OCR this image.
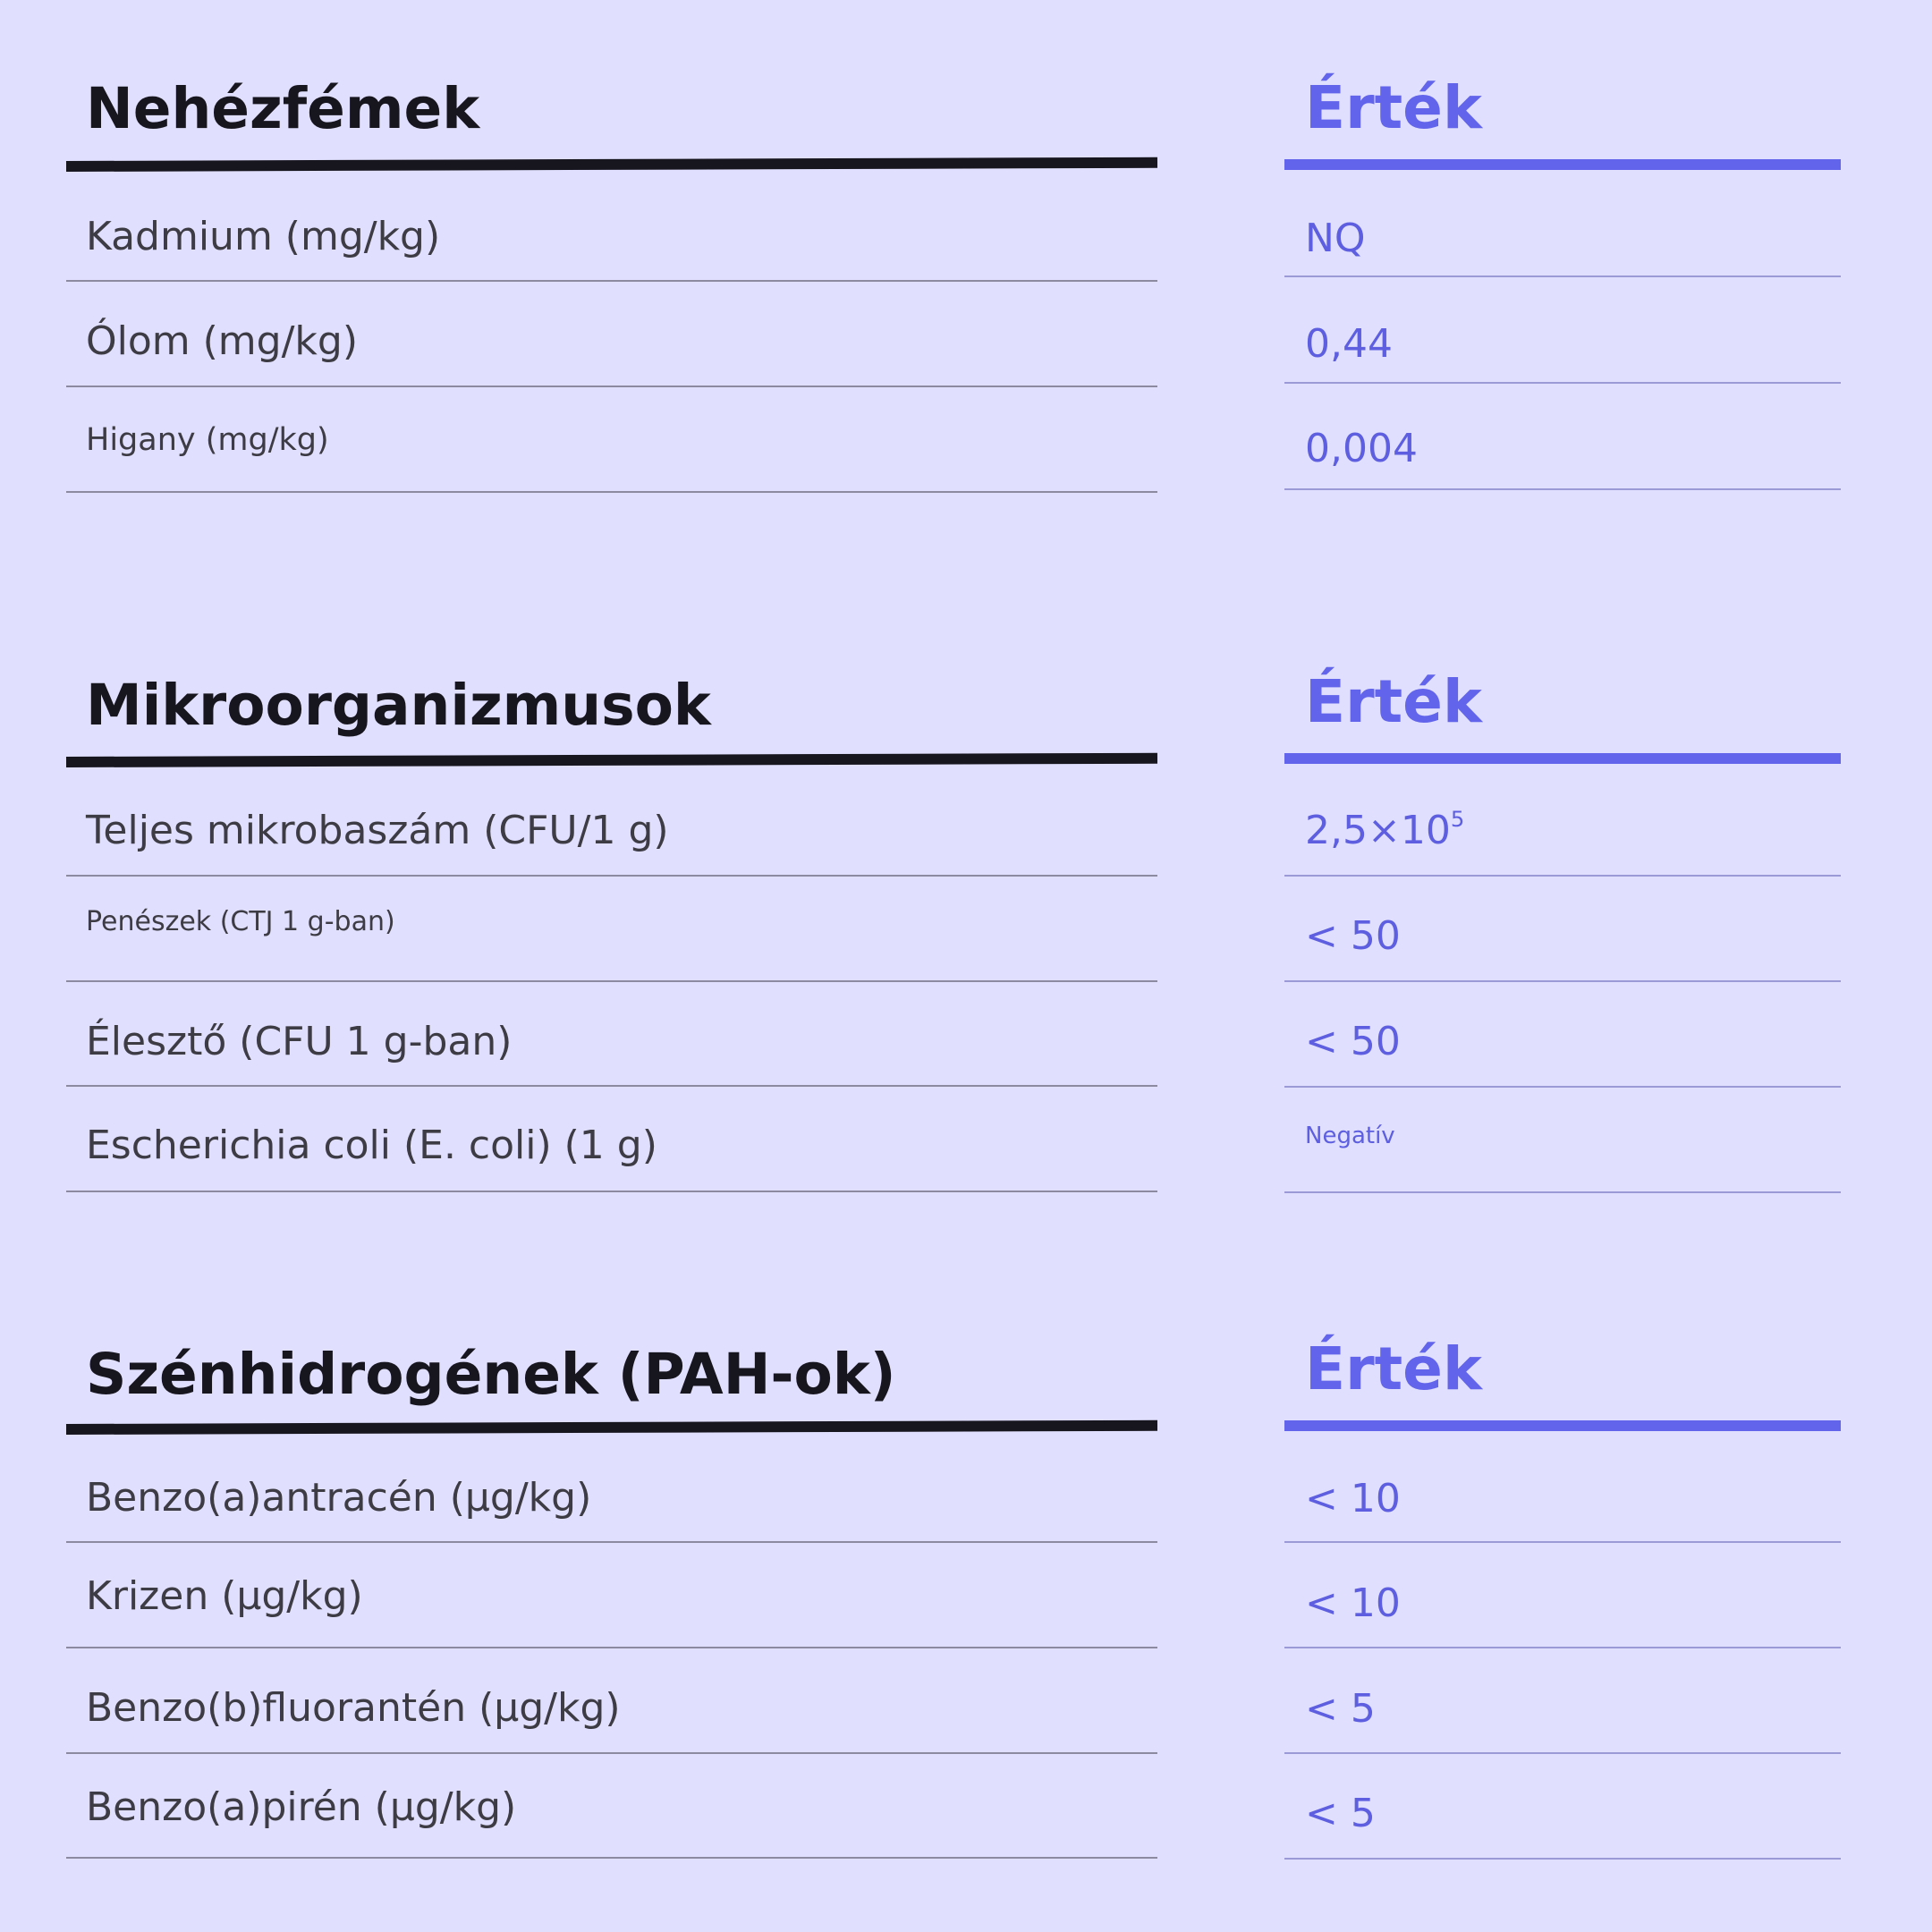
Nehézfémek	Érték
Kadmium (mg/kg)	NQ
Ólom (mg/kg)	0,44
Higany (mg/kg)	0,004
Mikroorganizmusok	Érték
Teljes mikrobaszám (CFU/1 g)	$2,5\times 10^5$
Penészek (CTJ 1 g-ban)	< 50
Élesztő (CFU 1 g-ban)	< 50
Escherichia coli (E. coli) (1 g)	Negatív
Szénhidrogének (PAH-ok)	Érték
Benzo(a)antracén (µg/kg)	< 10
Krizen (µg/kg)	< 10
Benzo(b)fluorantén (µg/kg)	< 5
Benzo(a)pirén (µg/kg)	< 5
